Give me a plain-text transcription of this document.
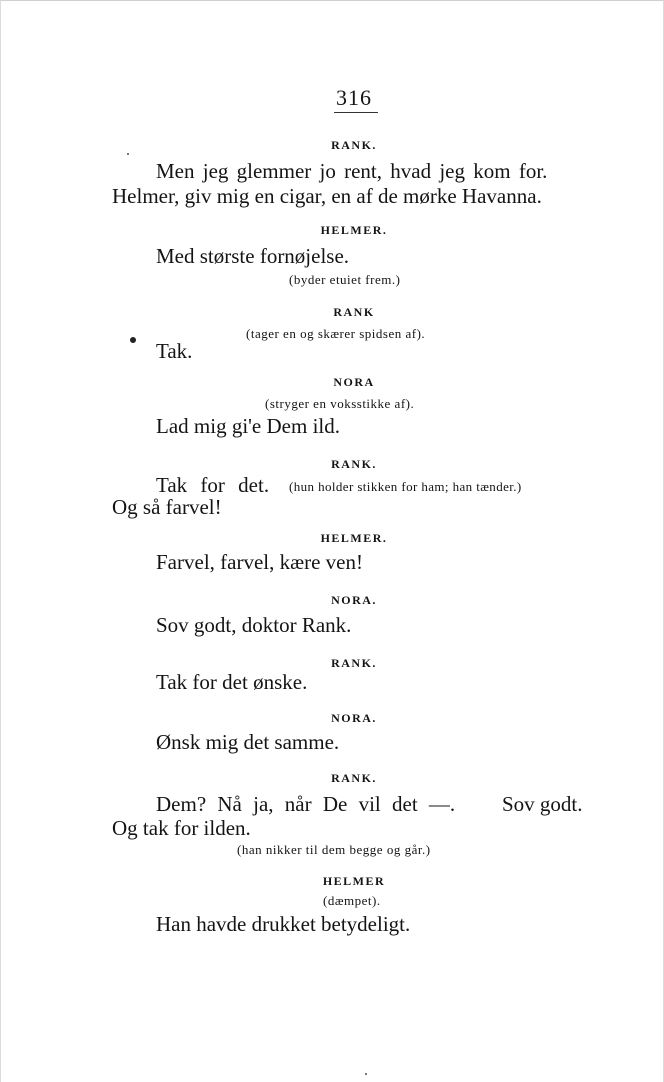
316
RANK.
Men jeg glemmer jo rent, hvad jeg kom for.
Helmer, giv mig en cigar, en af de mørke Havanna.
HELMER.
Med største fornøjelse.
(byder etuiet frem.)
RANK
(tager en og skærer spidsen af).
Tak.
NORA
(stryger en voksstikke af).
Lad mig gi'e Dem ild.
RANK.
Tak for det. (hun holder stikken for ham; han tænder.)
Og så farvel!
HELMER.
Farvel, farvel, kære ven!
NORA.
Sov godt, doktor Rank.
RANK.
Tak for det ønske.
NORA.
Ønsk mig det samme.
RANK.
Dem? Nå ja, når De vil det —. Sov godt.
Og tak for ilden.
(han nikker til dem begge og går.)
HELMER
(dæmpet).
Han havde drukket betydeligt.
